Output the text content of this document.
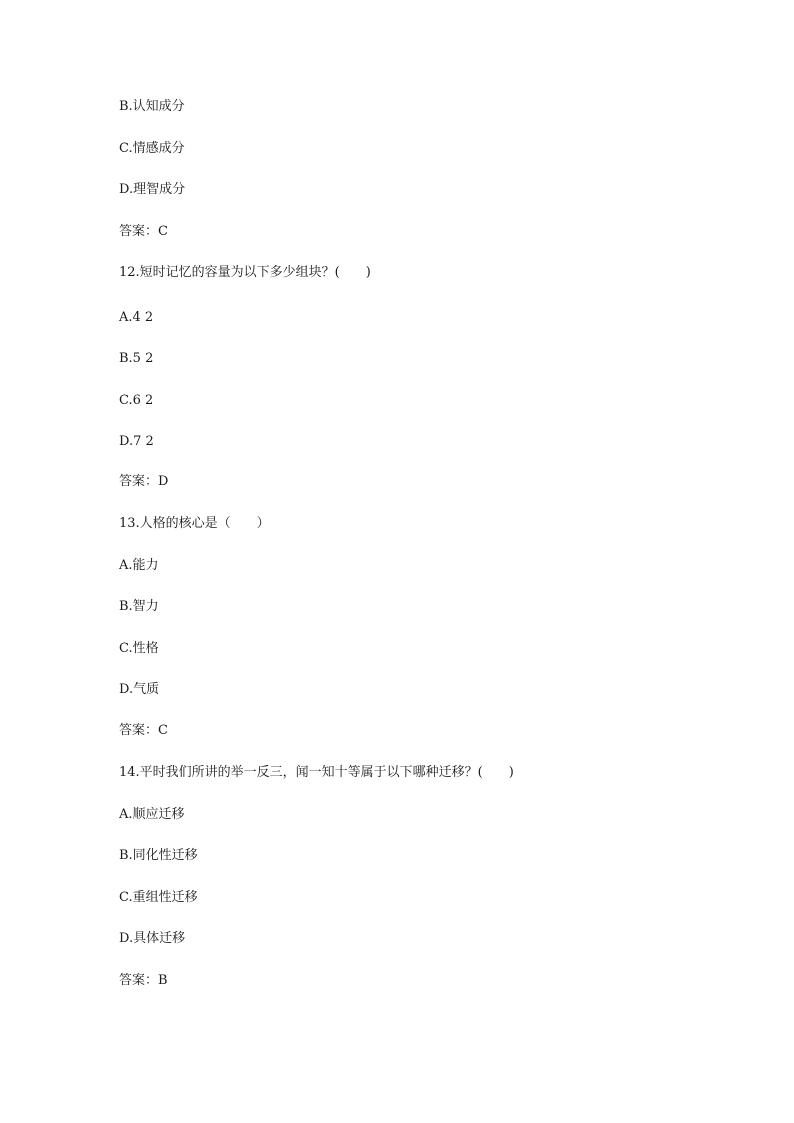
B.认知成分

C.情感成分

D.理智成分

答案：C

12.短时记忆的容量为以下多少组块？(　　)

A.4 2

B.5 2

C.6 2

D.7 2

答案：D

13.人格的核心是（　　）

A.能力

B.智力

C.性格

D.气质

答案：C

14.平时我们所讲的举一反三，闻一知十等属于以下哪种迁移？(　　)

A.顺应迁移

B.同化性迁移

C.重组性迁移

D.具体迁移

答案：B
